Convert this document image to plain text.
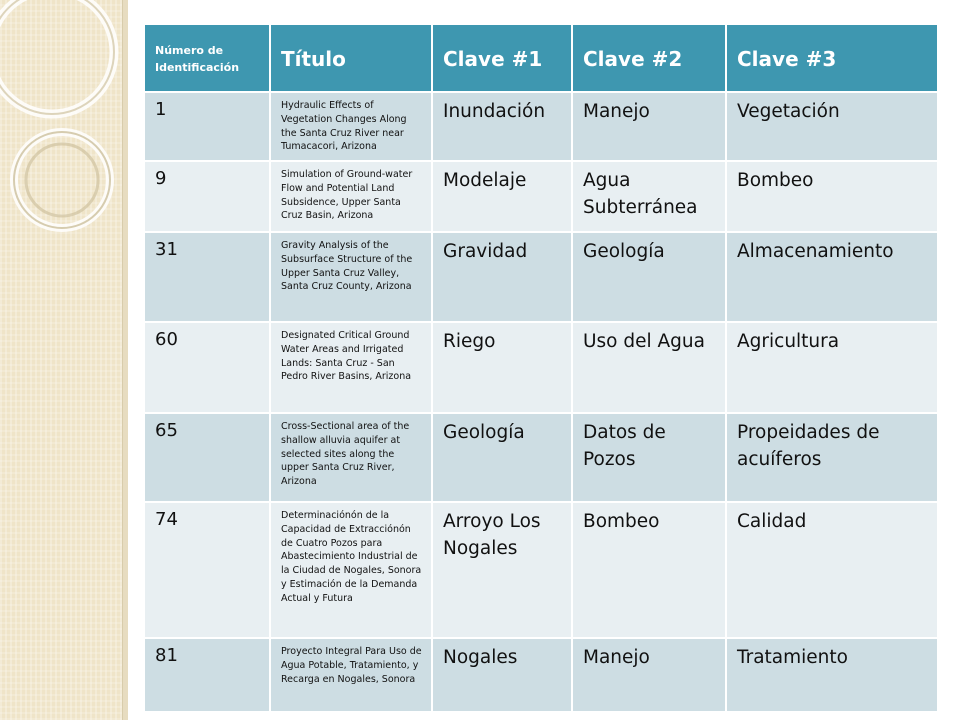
Número de Identificación	Título	Clave #1	Clave #2	Clave #3
1	Hydraulic Effects of Vegetation Changes Along the Santa Cruz River near Tumacacori, Arizona	Inundación	Manejo	Vegetación
9	Simulation of Ground-water Flow and Potential Land Subsidence, Upper Santa Cruz Basin, Arizona	Modelaje	Agua Subterránea	Bombeo
31	Gravity Analysis of the Subsurface Structure of the Upper Santa Cruz Valley, Santa Cruz County, Arizona	Gravidad	Geología	Almacenamiento
60	Designated Critical Ground Water Areas and Irrigated Lands: Santa Cruz - San Pedro River Basins, Arizona	Riego	Uso del Agua	Agricultura
65	Cross-Sectional area of the shallow alluvia aquifer at selected sites along the upper Santa Cruz River, Arizona	Geología	Datos de Pozos	Propeidades de acuíferos
74	Determinaciónón de la Capacidad de Extracciónón de Cuatro Pozos para Abastecimiento Industrial de la Ciudad de Nogales, Sonora y Estimación de la Demanda Actual y Futura	Arroyo Los Nogales	Bombeo	Calidad
81	Proyecto Integral Para Uso de Agua Potable, Tratamiento, y Recarga en Nogales, Sonora	Nogales	Manejo	Tratamiento
